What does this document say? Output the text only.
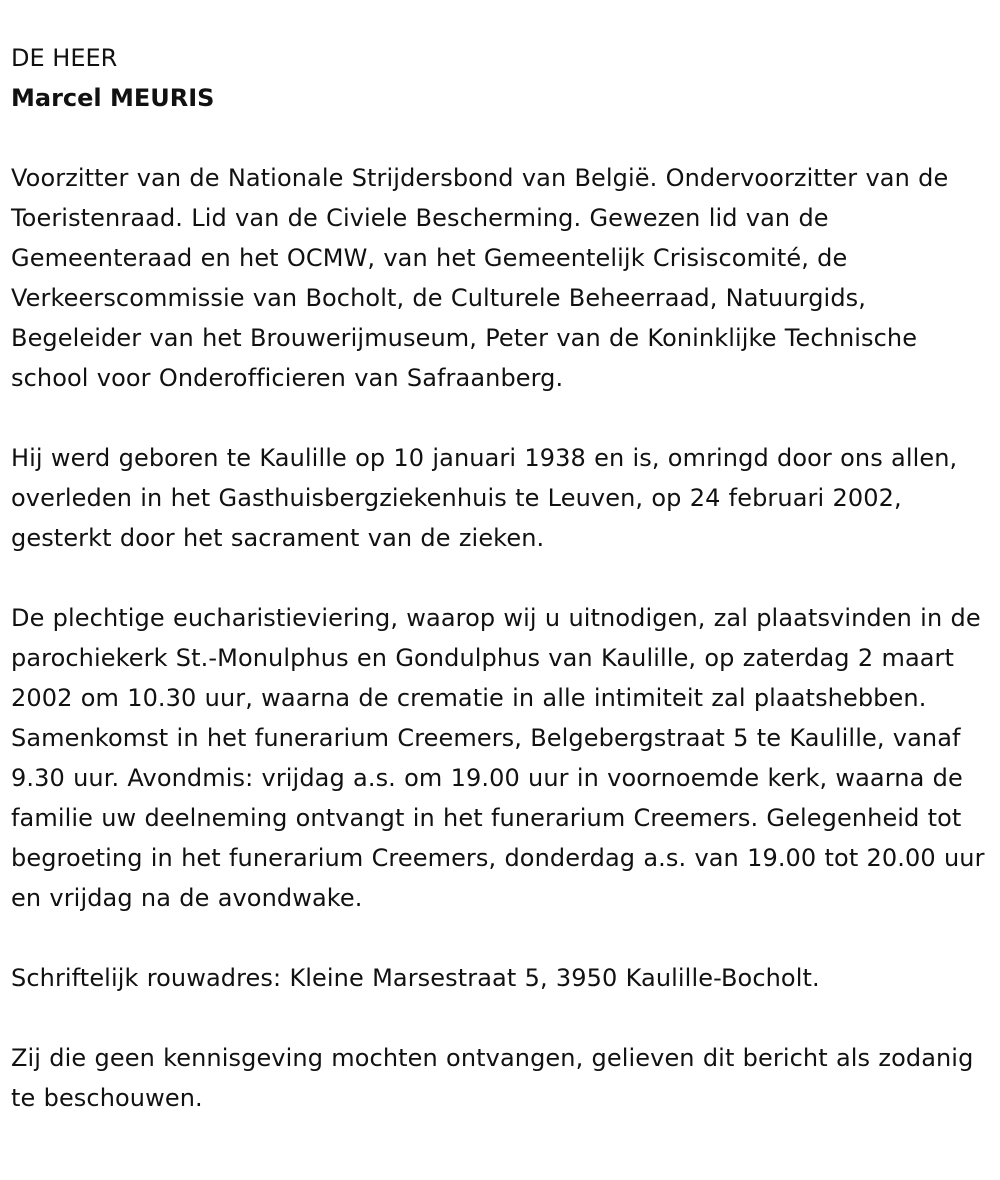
DE HEER

Marcel MEURIS

Voorzitter van de Nationale Strijdersbond van België. Ondervoorzitter van de Toeristenraad. Lid van de Civiele Bescherming. Gewezen lid van de Gemeenteraad en het OCMW, van het Gemeentelijk Crisiscomité, de Verkeerscommissie van Bocholt, de Culturele Beheerraad, Natuurgids, Begeleider van het Brouwerijmuseum, Peter van de Koninklijke Technische school voor Onderofficieren van Safraanberg.

Hij werd geboren te Kaulille op 10 januari 1938 en is, omringd door ons allen, overleden in het Gasthuisbergziekenhuis te Leuven, op 24 februari 2002, gesterkt door het sacrament van de zieken.

De plechtige eucharistieviering, waarop wij u uitnodigen, zal plaatsvinden in de parochiekerk St.-Monulphus en Gondulphus van Kaulille, op zaterdag 2 maart 2002 om 10.30 uur, waarna de crematie in alle intimiteit zal plaatshebben. Samenkomst in het funerarium Creemers, Belgebergstraat 5 te Kaulille, vanaf 9.30 uur. Avondmis: vrijdag a.s. om 19.00 uur in voornoemde kerk, waarna de familie uw deelneming ontvangt in het funerarium Creemers. Gelegenheid tot begroeting in het funerarium Creemers, donderdag a.s. van 19.00 tot 20.00 uur en vrijdag na de avondwake.

Schriftelijk rouwadres: Kleine Marsestraat 5, 3950 Kaulille-Bocholt.

Zij die geen kennisgeving mochten ontvangen, gelieven dit bericht als zodanig te beschouwen.
